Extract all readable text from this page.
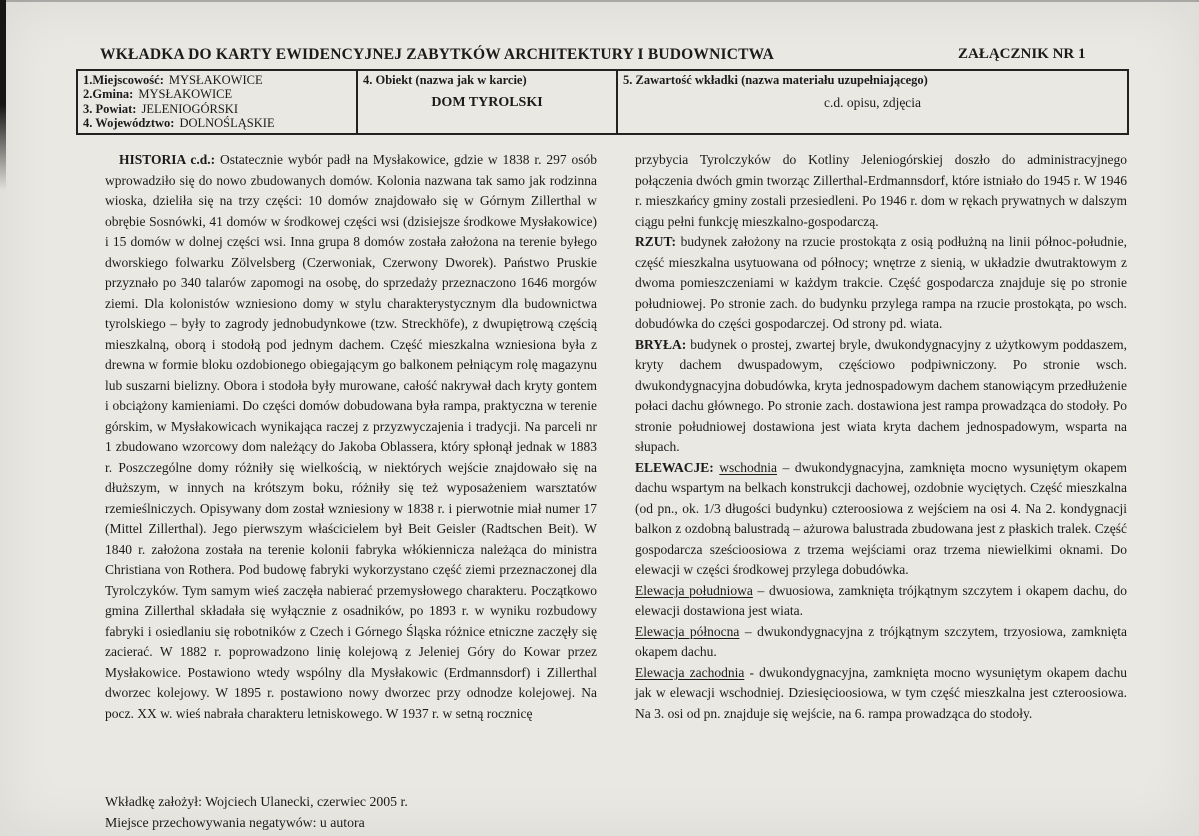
WKŁADKA DO KARTY EWIDENCYJNEJ ZABYTKÓW ARCHITEKTURY I BUDOWNICTWA	ZAŁĄCZNIK NR 1
1.Miejscowość: MYSŁAKOWICE
2.Gmina: MYSŁAKOWICE
3. Powiat: JELENIOGÓRSKI
4. Województwo: DOLNOŚLĄSKIE
4. Obiekt (nazwa jak w karcie)
DOM TYROLSKI
5. Zawartość wkładki (nazwa materiału uzupełniającego)
c.d. opisu, zdjęcia
HISTORIA c.d.: Ostatecznie wybór padł na Mysłakowice, gdzie w 1838 r. 297 osób wprowadziło się do nowo zbudowanych domów. Kolonia nazwana tak samo jak rodzinna wioska, dzieliła się na trzy części: 10 domów znajdowało się w Górnym Zillerthal w obrębie Sosnówki, 41 domów w środkowej części wsi (dzisiejsze środkowe Mysłakowice) i 15 domów w dolnej części wsi. Inna grupa 8 domów została założona na terenie byłego dworskiego folwarku Zölvelsberg (Czerwoniak, Czerwony Dworek). Państwo Pruskie przyznało po 340 talarów zapomogi na osobę, do sprzedaży przeznaczono 1646 morgów ziemi. Dla kolonistów wzniesiono domy w stylu charakterystycznym dla budownictwa tyrolskiego – były to zagrody jednobudynkowe (tzw. Streckhöfe), z dwupiętrową częścią mieszkalną, oborą i stodołą pod jednym dachem. Część mieszkalna wzniesiona była z drewna w formie bloku ozdobionego obiegającym go balkonem pełniącym rolę magazynu lub suszarni bielizny. Obora i stodoła były murowane, całość nakrywał dach kryty gontem i obciążony kamieniami. Do części domów dobudowana była rampa, praktyczna w terenie górskim, w Mysłakowicach wynikająca raczej z przyzwyczajenia i tradycji. Na parceli nr 1 zbudowano wzorcowy dom należący do Jakoba Oblassera, który spłonął jednak w 1883 r. Poszczególne domy różniły się wielkością, w niektórych wejście znajdowało się na dłuższym, w innych na krótszym boku, różniły się też wyposażeniem warsztatów rzemieślniczych. Opisywany dom został wzniesiony w 1838 r. i pierwotnie miał numer 17 (Mittel Zillerthal). Jego pierwszym właścicielem był Beit Geisler (Radtschen Beit). W 1840 r. założona została na terenie kolonii fabryka włókiennicza należąca do ministra Christiana von Rothera. Pod budowę fabryki wykorzystano część ziemi przeznaczonej dla Tyrolczyków. Tym samym wieś zaczęła nabierać przemysłowego charakteru. Początkowo gmina Zillerthal składała się wyłącznie z osadników, po 1893 r. w wyniku rozbudowy fabryki i osiedlaniu się robotników z Czech i Górnego Śląska różnice etniczne zaczęły się zacierać. W 1882 r. poprowadzono linię kolejową z Jeleniej Góry do Kowar przez Mysłakowice. Postawiono wtedy wspólny dla Mysłakowic (Erdmannsdorf) i Zillerthal dworzec kolejowy. W 1895 r. postawiono nowy dworzec przy odnodze kolejowej. Na pocz. XX w. wieś nabrała charakteru letniskowego. W 1937 r. w setną rocznicę
przybycia Tyrolczyków do Kotliny Jeleniogórskiej doszło do administracyjnego połączenia dwóch gmin tworząc Zillerthal-Erdmannsdorf, które istniało do 1945 r. W 1946 r. mieszkańcy gminy zostali przesiedleni. Po 1946 r. dom w rękach prywatnych w dalszym ciągu pełni funkcję mieszkalno-gospodarczą.
RZUT: budynek założony na rzucie prostokąta z osią podłużną na linii północ-południe, część mieszkalna usytuowana od północy; wnętrze z sienią, w układzie dwutraktowym z dwoma pomieszczeniami w każdym trakcie. Część gospodarcza znajduje się po stronie południowej. Po stronie zach. do budynku przylega rampa na rzucie prostokąta, po wsch. dobudówka do części gospodarczej. Od strony pd. wiata.
BRYŁA: budynek o prostej, zwartej bryle, dwukondygnacyjny z użytkowym poddaszem, kryty dachem dwuspadowym, częściowo podpiwniczony. Po stronie wsch. dwukondygnacyjna dobudówka, kryta jednospadowym dachem stanowiącym przedłużenie połaci dachu głównego. Po stronie zach. dostawiona jest rampa prowadząca do stodoły. Po stronie południowej dostawiona jest wiata kryta dachem jednospadowym, wsparta na słupach.
ELEWACJE: wschodnia – dwukondygnacyjna, zamknięta mocno wysuniętym okapem dachu wspartym na belkach konstrukcji dachowej, ozdobnie wyciętych. Część mieszkalna (od pn., ok. 1/3 długości budynku) czteroosiowa z wejściem na osi 4. Na 2. kondygnacji balkon z ozdobną balustradą – ażurowa balustrada zbudowana jest z płaskich tralek. Część gospodarcza sześcioosiowa z trzema wejściami oraz trzema niewielkimi oknami. Do elewacji w części środkowej przylega dobudówka.
Elewacja południowa – dwuosiowa, zamknięta trójkątnym szczytem i okapem dachu, do elewacji dostawiona jest wiata.
Elewacja północna – dwukondygnacyjna z trójkątnym szczytem, trzyosiowa, zamknięta okapem dachu.
Elewacja zachodnia - dwukondygnacyjna, zamknięta mocno wysuniętym okapem dachu jak w elewacji wschodniej. Dziesięcioosiowa, w tym część mieszkalna jest czteroosiowa. Na 3. osi od pn. znajduje się wejście, na 6. rampa prowadząca do stodoły.
Wkładkę założył: Wojciech Ulanecki, czerwiec 2005 r.
Miejsce przechowywania negatywów: u autora
